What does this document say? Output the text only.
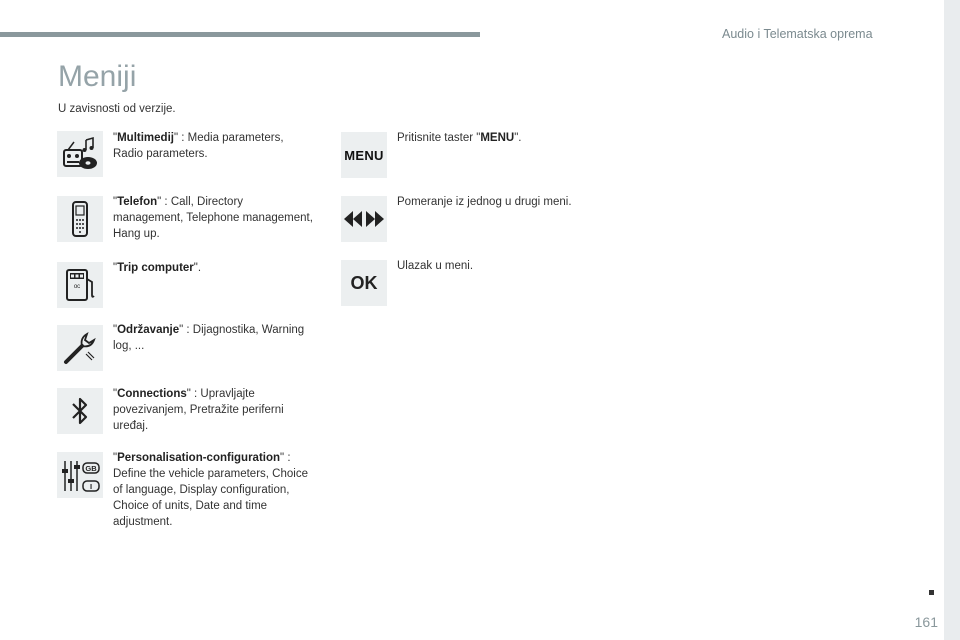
Audio i Telematska oprema
Meniji
U zavisnosti od verzije.
"Multimedij" : Media parameters, Radio parameters.
"Telefon" : Call, Directory management, Telephone management, Hang up.
oc
"Trip computer".
"Održavanje" : Dijagnostika, Warning log, ...
"Connections" : Upravljajte povezivanjem, Pretražite periferni uređaj.
GB
I
"Personalisation-configuration" : Define the vehicle parameters, Choice of language, Display configuration, Choice of units, Date and time adjustment.
MENU
Pritisnite taster "MENU".
Pomeranje iz jednog u drugi meni.
OK
Ulazak u meni.
161
